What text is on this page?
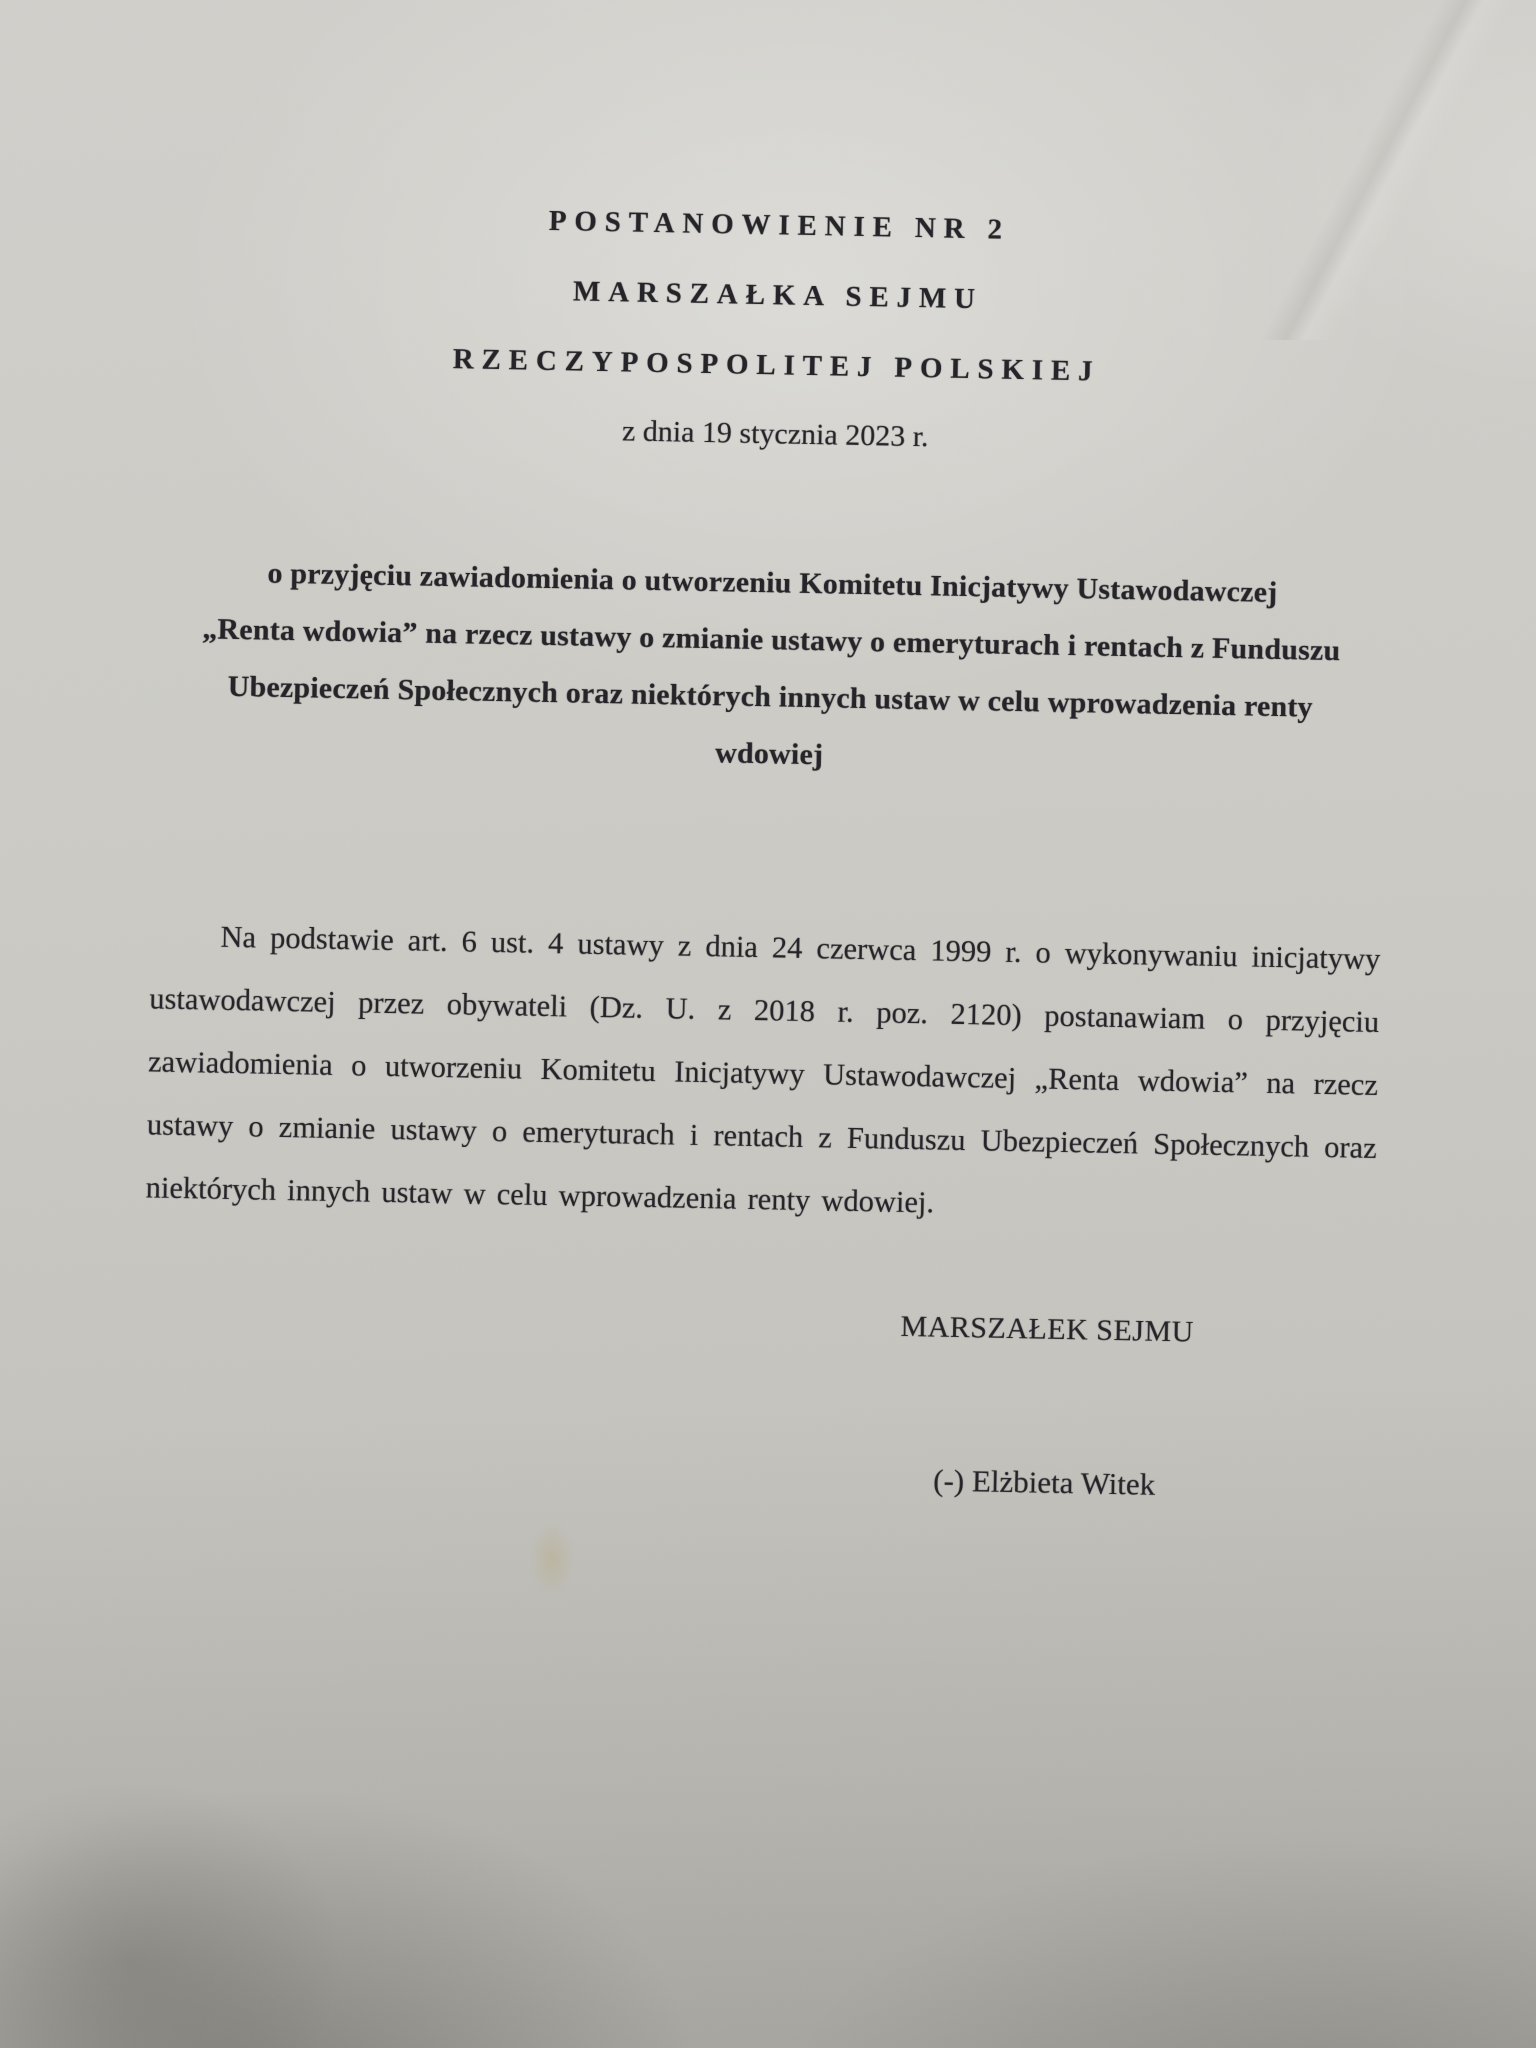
POSTANOWIENIE NR 2
MARSZAŁKA SEJMU
RZECZYPOSPOLITEJ POLSKIEJ
z dnia 19 stycznia 2023 r.
o przyjęciu zawiadomienia o utworzeniu Komitetu Inicjatywy Ustawodawczej
„Renta wdowia” na rzecz ustawy o zmianie ustawy o emeryturach i rentach z Funduszu
Ubezpieczeń Społecznych oraz niektórych innych ustaw w celu wprowadzenia renty
wdowiej

Na podstawie art. 6 ust. 4 ustawy z dnia 24 czerwca 1999 r. o wykonywaniu inicjatywy ustawodawczej przez obywateli (Dz. U. z 2018 r. poz. 2120) postanawiam o przyjęciu zawiadomienia o utworzeniu Komitetu Inicjatywy Ustawodawczej „Renta wdowia” na rzecz ustawy o zmianie ustawy o emeryturach i rentach z Funduszu Ubezpieczeń Społecznych oraz niektórych innych ustaw w celu wprowadzenia renty wdowiej.

MARSZAŁEK SEJMU
(-) Elżbieta Witek
